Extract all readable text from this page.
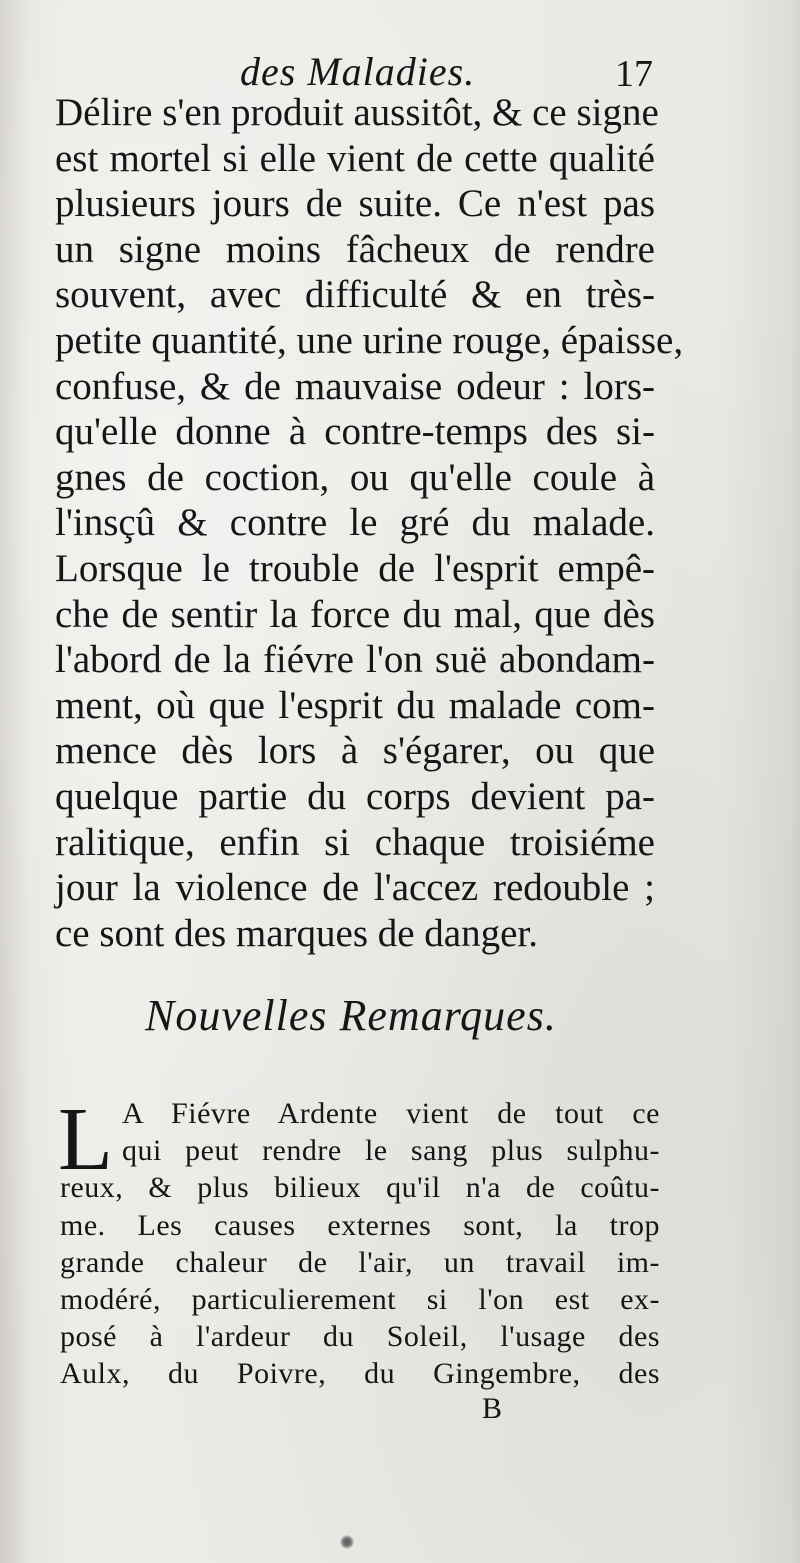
des Maladies.	17
Délire s'en produit aussitôt, & ce signe
est mortel si elle vient de cette qualité
plusieurs jours de suite. Ce n'est pas
un signe moins fâcheux de rendre
souvent, avec difficulté & en très-
petite quantité, une urine rouge, épaisse,
confuse, & de mauvaise odeur : lors-
qu'elle donne à contre-temps des si-
gnes de coction, ou qu'elle coule à
l'insçû & contre le gré du malade.
Lorsque le trouble de l'esprit empê-
che de sentir la force du mal, que dès
l'abord de la fiévre l'on suë abondam-
ment, où que l'esprit du malade com-
mence dès lors à s'égarer, ou que
quelque partie du corps devient pa-
ralitique, enfin si chaque troisiéme
jour la violence de l'accez redouble ;
ce sont des marques de danger.
Nouvelles Remarques.
L A Fiévre Ardente vient de tout ce
qui peut rendre le sang plus sulphu-
reux, & plus bilieux qu'il n'a de coûtu-
me. Les causes externes sont, la trop
grande chaleur de l'air, un travail im-
modéré, particulierement si l'on est ex-
posé à l'ardeur du Soleil, l'usage des
Aulx, du Poivre, du Gingembre, des
B
